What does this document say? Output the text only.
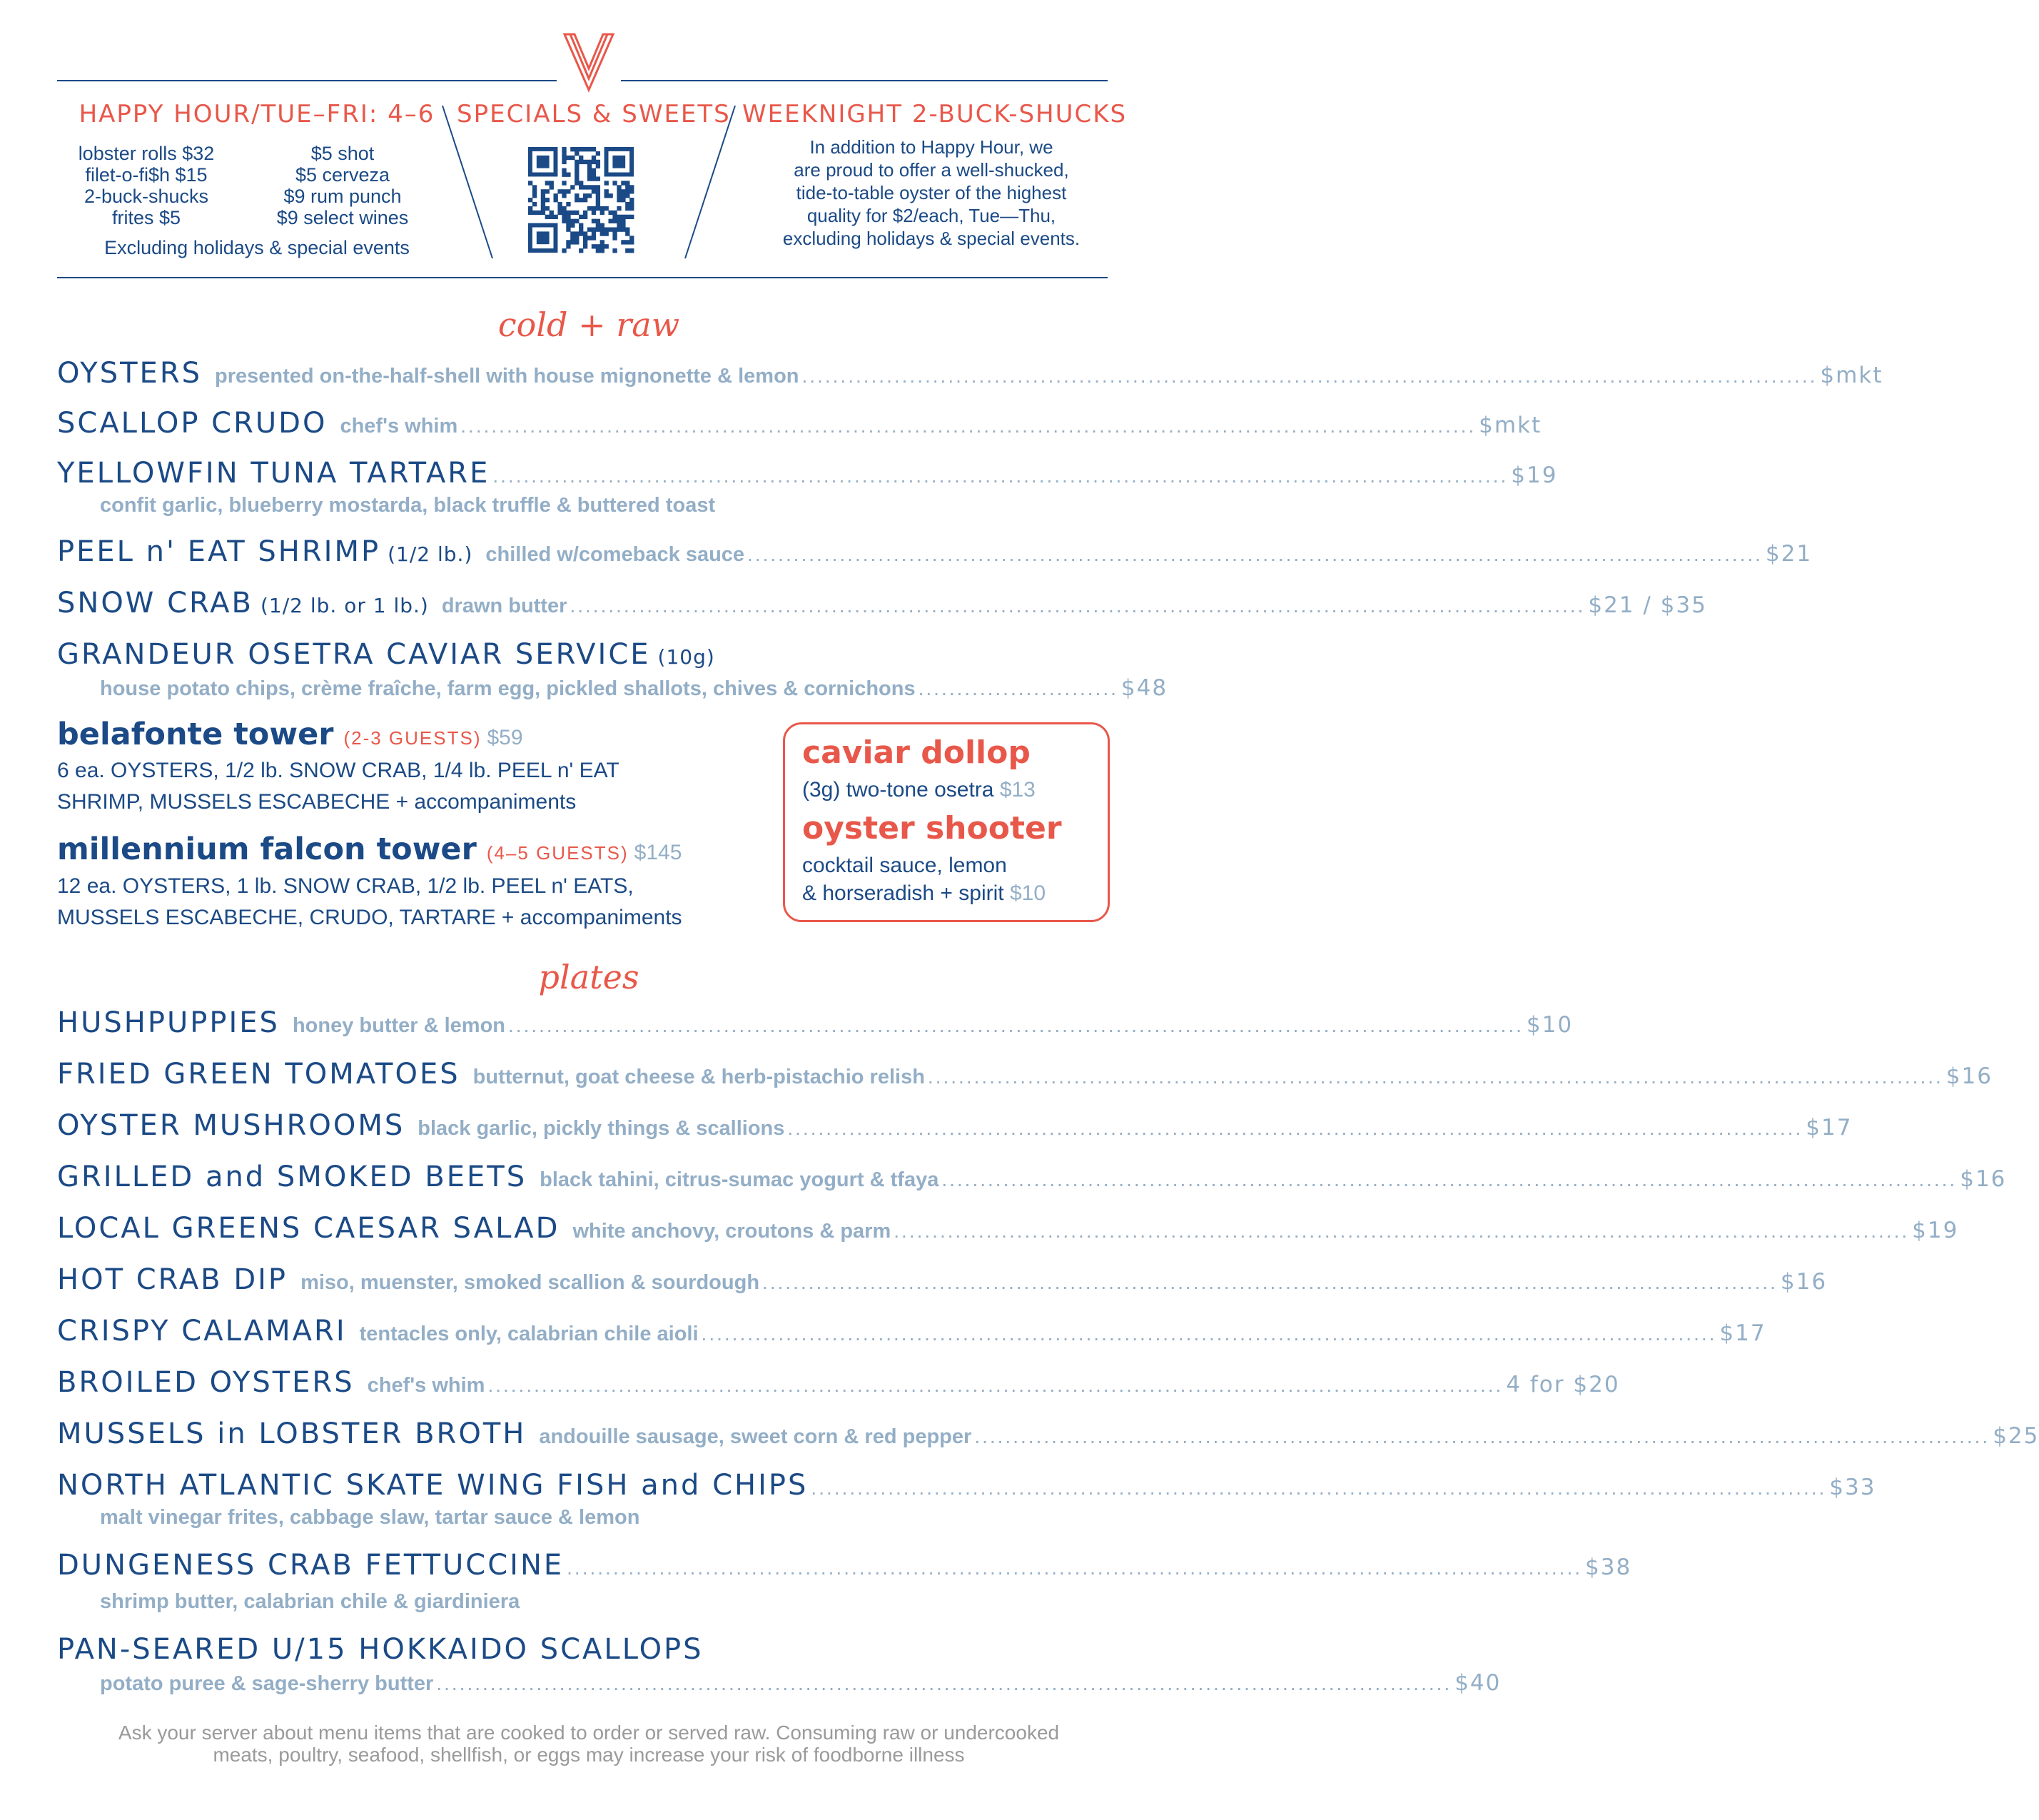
HAPPY HOUR/TUE–FRI: 4–6
lobster rolls $32
filet-o-fi$h $15
2-buck-shucks
frites $5
$5 shot
$5 cerveza
$9 rum punch
$9 select wines
Excluding holidays & special events
SPECIALS & SWEETS WEEKNIGHT 2-BUCK-SHUCKS
In addition to Happy Hour, we
are proud to offer a well-shucked,
tide-to-table oyster of the highest
quality for $2/each, Tue—Thu,
excluding holidays & special events.
cold + raw
OYSTERS presented on-the-half-shell with house mignonette & lemon .................................................................................................................................... $mkt
SCALLOP CRUDO chef's whim .................................................................................................................................... $mkt
YELLOWFIN TUNA TARTARE .................................................................................................................................... $19
confit garlic, blueberry mostarda, black truffle & buttered toast
PEEL n' EAT SHRIMP (1/2 lb.) chilled w/comeback sauce .................................................................................................................................... $21
SNOW CRAB (1/2 lb. or 1 lb.) drawn butter .................................................................................................................................... $21 / $35
GRANDEUR OSETRA CAVIAR SERVICE (10g)
house potato chips, crème fraîche, farm egg, pickled shallots, chives & cornichons .......................... $48
belafonte tower (2-3 GUESTS) $59
6 ea. OYSTERS, 1/2 lb. SNOW CRAB, 1/4 lb. PEEL n' EAT
SHRIMP, MUSSELS ESCABECHE + accompaniments
millennium falcon tower (4–5 GUESTS) $145
12 ea. OYSTERS, 1 lb. SNOW CRAB, 1/2 lb. PEEL n' EATS,
MUSSELS ESCABECHE, CRUDO, TARTARE + accompaniments
caviar dollop
(3g) two-tone osetra $13
oyster shooter
cocktail sauce, lemon
& horseradish + spirit $10
plates
HUSHPUPPIES honey butter & lemon .................................................................................................................................... $10
FRIED GREEN TOMATOES butternut, goat cheese & herb-pistachio relish .................................................................................................................................... $16
OYSTER MUSHROOMS black garlic, pickly things & scallions .................................................................................................................................... $17
GRILLED and SMOKED BEETS black tahini, citrus-sumac yogurt & tfaya .................................................................................................................................... $16
LOCAL GREENS CAESAR SALAD white anchovy, croutons & parm .................................................................................................................................... $19
HOT CRAB DIP miso, muenster, smoked scallion & sourdough .................................................................................................................................... $16
CRISPY CALAMARI tentacles only, calabrian chile aioli .................................................................................................................................... $17
BROILED OYSTERS chef's whim .................................................................................................................................... 4 for $20
MUSSELS in LOBSTER BROTH andouille sausage, sweet corn & red pepper .................................................................................................................................... $25
NORTH ATLANTIC SKATE WING FISH and CHIPS .................................................................................................................................... $33
malt vinegar frites, cabbage slaw, tartar sauce & lemon
DUNGENESS CRAB FETTUCCINE .................................................................................................................................... $38
shrimp butter, calabrian chile & giardiniera
PAN-SEARED U/15 HOKKAIDO SCALLOPS
potato puree & sage-sherry butter .................................................................................................................................... $40
Ask your server about menu items that are cooked to order or served raw. Consuming raw or undercooked
meats, poultry, seafood, shellfish, or eggs may increase your risk of foodborne illness
